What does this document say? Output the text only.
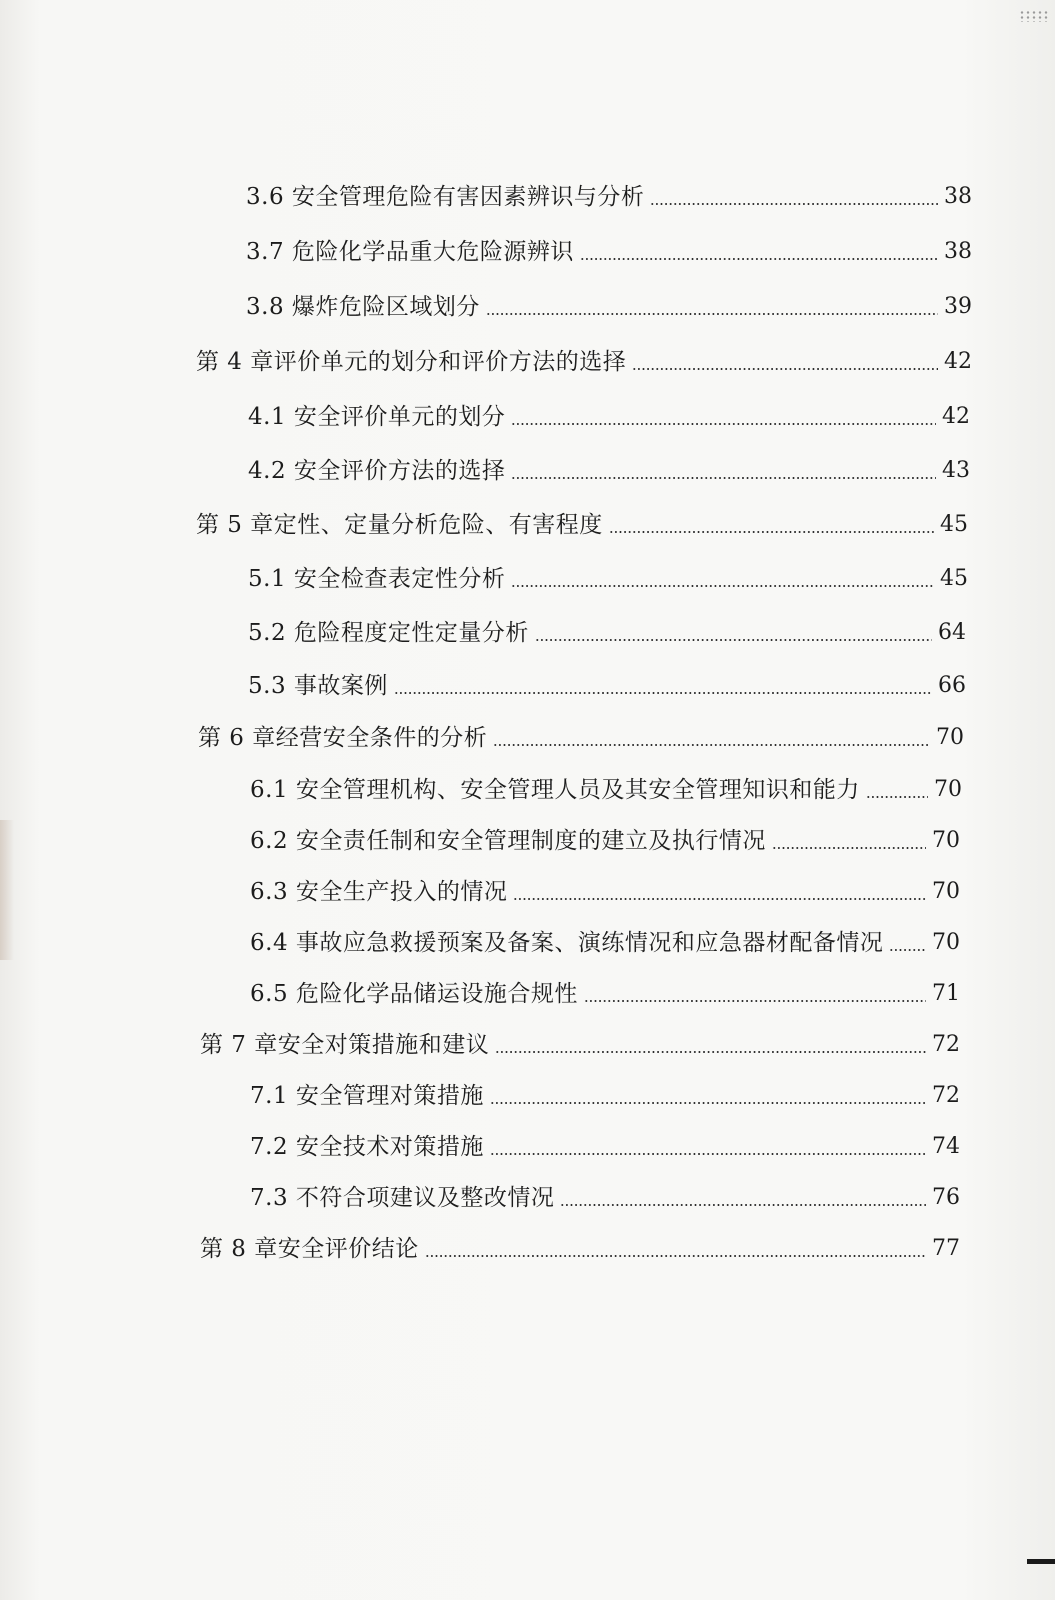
3.6 安全管理危险有害因素辨识与分析	38
3.7 危险化学品重大危险源辨识	38
3.8 爆炸危险区域划分	39
第 4 章评价单元的划分和评价方法的选择	42
4.1 安全评价单元的划分	42
4.2 安全评价方法的选择	43
第 5 章定性、定量分析危险、有害程度	45
5.1 安全检查表定性分析	45
5.2 危险程度定性定量分析	64
5.3 事故案例	66
第 6 章经营安全条件的分析	70
6.1 安全管理机构、安全管理人员及其安全管理知识和能力	70
6.2 安全责任制和安全管理制度的建立及执行情况	70
6.3 安全生产投入的情况	70
6.4 事故应急救援预案及备案、演练情况和应急器材配备情况 70
6.5 危险化学品储运设施合规性	71
第 7 章安全对策措施和建议	72
7.1 安全管理对策措施	72
7.2 安全技术对策措施	74
7.3 不符合项建议及整改情况	76
第 8 章安全评价结论	77
